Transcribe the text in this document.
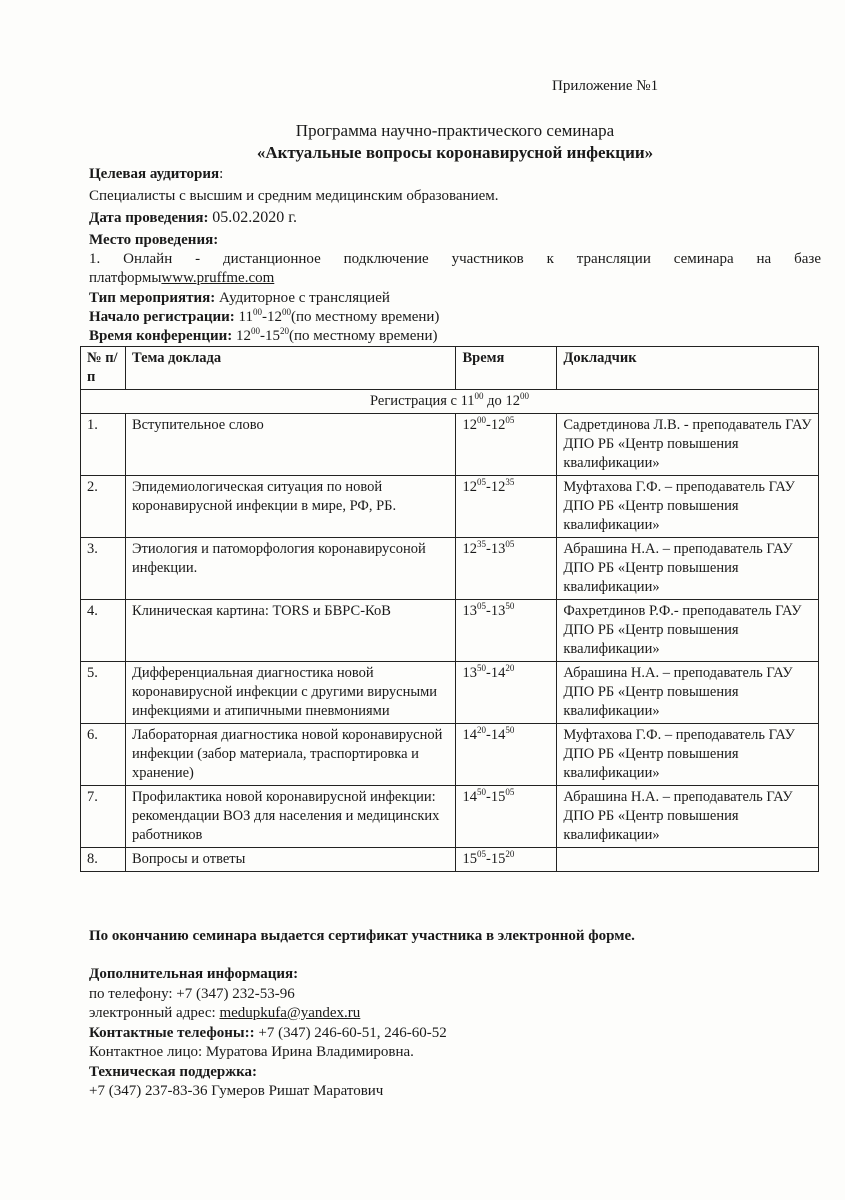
Приложение №1
Программа научно-практического семинара
«Актуальные вопросы коронавирусной инфекции»
Целевая аудитория:
Специалисты с высшим и средним медицинским образованием.
Дата проведения: 05.02.2020 г.
Место проведения:
1. Онлайн - дистанционное подключение участников к трансляции семинара на базе
платформыwww.pruffme.com
Тип мероприятия: Аудиторное с трансляцией
Начало регистрации: $11^{00}-12^{00}(по$ местному времени)
Время конференции: $12^{00}-15^{20}(по$ местному времени)
№ п/п	Тема доклада	Время	Докладчик
Регистрация с $11^{00}$ до $12^{00}$
1.	Вступительное слово	$12^{00}-12^{05}$	Садретдинова Л.В. - преподаватель ГАУ ДПО РБ «Центр повышения квалификации»
2.	Эпидемиологическая ситуация по новой коронавирусной инфекции в мире, РФ, РБ.	$12^{05}-12^{35}$	Муфтахова Г.Ф. – преподаватель ГАУ ДПО РБ «Центр повышения квалификации»
3.	Этиология и патоморфология коронавирусоной инфекции.	$12^{35}-13^{05}$	Абрашина Н.А. – преподаватель ГАУ ДПО РБ «Центр повышения квалификации»
4.	Клиническая картина: TORS и БВРС-КоВ	$13^{05}-13^{50}$	Фахретдинов Р.Ф.- преподаватель ГАУ ДПО РБ «Центр повышения квалификации»
5.	Дифференциальная диагностика новой коронавирусной инфекции с другими вирусными инфекциями и атипичными пневмониями	$13^{50}-14^{20}$	Абрашина Н.А. – преподаватель ГАУ ДПО РБ «Центр повышения квалификации»
6.	Лабораторная диагностика новой коронавирусной инфекции (забор материала, траспортировка и хранение)	$14^{20}-14^{50}$	Муфтахова Г.Ф. – преподаватель ГАУ ДПО РБ «Центр повышения квалификации»
7.	Профилактика новой коронавирусной инфекции: рекомендации ВОЗ для населения и медицинских работников	$14^{50}-15^{05}$	Абрашина Н.А. – преподаватель ГАУ ДПО РБ «Центр повышения квалификации»
8.	Вопросы и ответы	$15^{05}-15^{20}$	
По окончанию семинара выдается сертификат участника в электронной форме.
Дополнительная информация:
по телефону: +7 (347) 232-53-96
электронный адрес: medupkufa@yandex.ru
Контактные телефоны:: +7 (347) 246-60-51, 246-60-52
Контактное лицо: Муратова Ирина Владимировна.
Техническая поддержка:
+7 (347) 237-83-36 Гумеров Ришат Маратович
